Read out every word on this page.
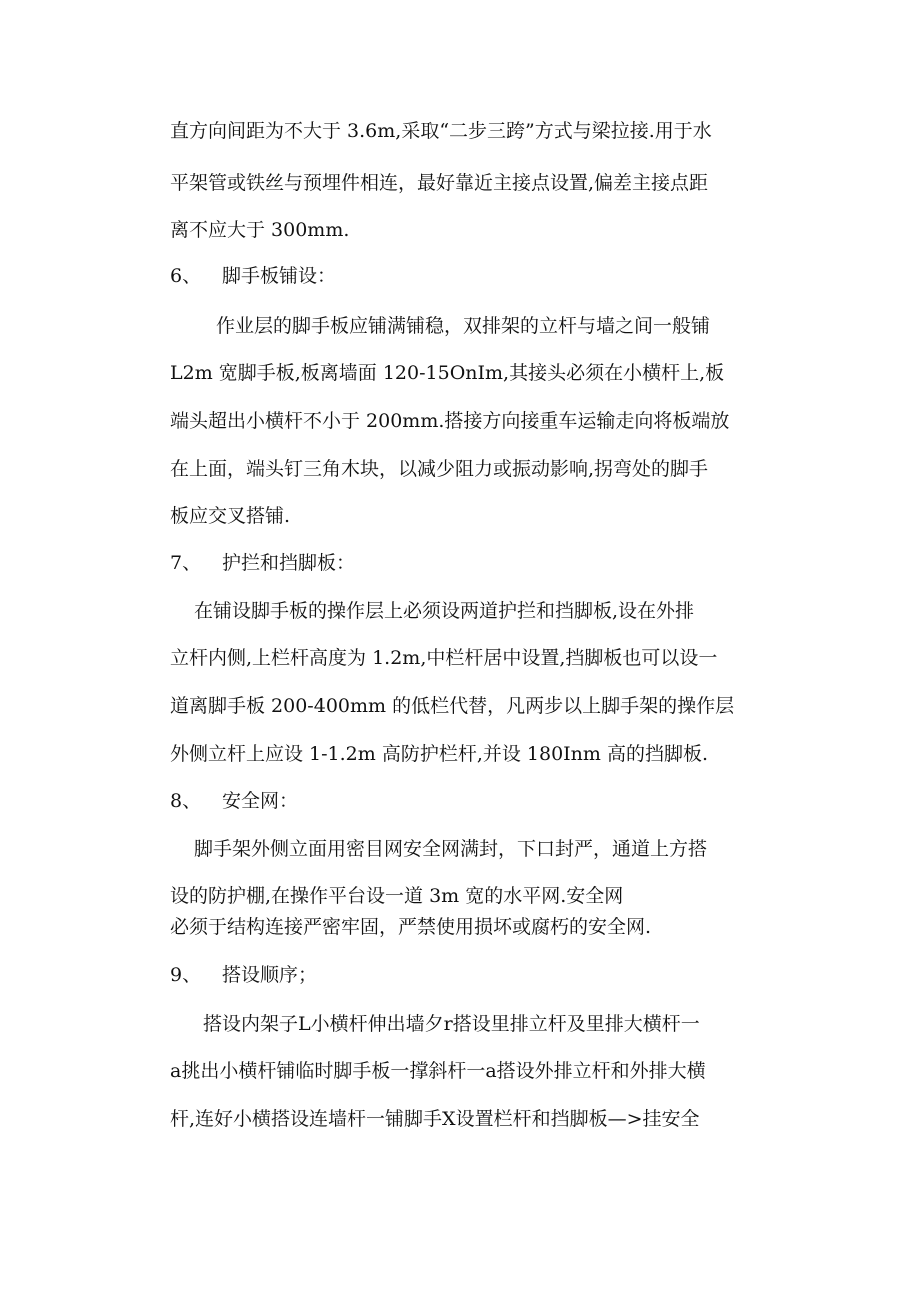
直方向间距为不大于 3.6m,采取“二步三跨”方式与梁拉接.用于水
平架管或铁丝与预埋件相连，最好靠近主接点设置,偏差主接点距
离不应大于 300mm.
6、 脚手板铺设：
作业层的脚手板应铺满铺稳，双排架的立杆与墙之间一般铺
L2m 宽脚手板,板离墙面 120-15OnIm,其接头必须在小横杆上,板
端头超出小横杆不小于 200mm.搭接方向接重车运输走向将板端放
在上面，端头钉三角木块，以减少阻力或振动影响,拐弯处的脚手
板应交叉搭铺.
7、 护拦和挡脚板：
在铺设脚手板的操作层上必须设两道护拦和挡脚板,设在外排
立杆内侧,上栏杆高度为 1.2m,中栏杆居中设置,挡脚板也可以设一
道离脚手板 200-400mm 的低栏代替，凡两步以上脚手架的操作层
外侧立杆上应设 1-1.2m 高防护栏杆,并设 180Inm 高的挡脚板.
8、 安全网：
脚手架外侧立面用密目网安全网满封，下口封严，通道上方搭
设的防护棚,在操作平台设一道 3m 宽的水平网.安全网
必须于结构连接严密牢固，严禁使用损坏或腐朽的安全网.
9、 搭设顺序；
搭设内架子L小横杆伸出墙夕r搭设里排立杆及里排大横杆一
a挑出小横杆铺临时脚手板一撑斜杆一a搭设外排立杆和外排大横
杆,连好小横搭设连墙杆一铺脚手X设置栏杆和挡脚板—>挂安全
